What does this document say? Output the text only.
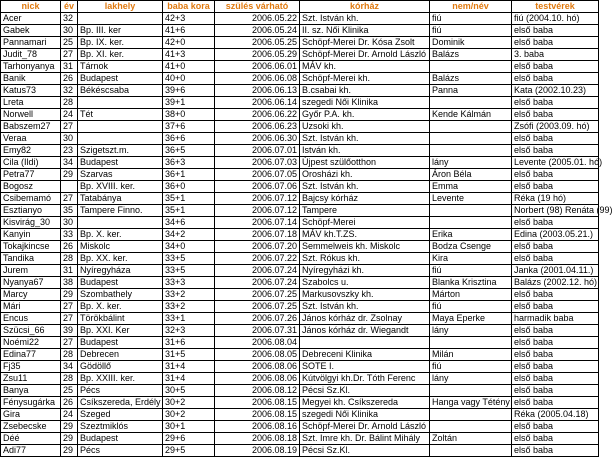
nick	év	lakhely	baba kora	szülés várható	kórház	nem/név	testvérek
Acer	32		42+3	2006.05.22	Szt. István kh.	fiú	fiú (2004.10. hó)
Gabek	30	Bp. III. ker	41+6	2006.05.24	II. sz. Női Klinika	fiú	első baba
Pannamari	25	Bp. IX. ker.	42+0	2006.05.25	Schöpf-Merei Dr. Kósa Zsolt	Dominik	első baba
Judit_78	27	Bp. XI. ker.	41+3	2006.05.29	Schöpf-Merei Dr. Arnold László	Balázs	3. baba
Tarhonyanya	31	Tárnok	41+0	2006.06.01	MÁV kh.		első baba
Banik	26	Budapest	40+0	2006.06.08	Schöpf-Merei kh.	Balázs	első baba
Katus73	32	Békéscsaba	39+6	2006.06.13	B.csabai kh.	Panna	Kata (2002.10.23)
Lreta	28		39+1	2006.06.14	szegedi Női Klinika		első baba
Norwell	24	Tét	38+0	2006.06.22	Győr P.A. kh.	Kende Kálmán	első baba
Babszem27	27		37+6	2006.06.23	Uzsoki kh.		Zsófi (2003.09. hó)
Veraa	30		36+6	2006.06.30	Szt. István kh.		első baba
Emy82	23	Szigetszt.m.	36+5	2006.07.01	István kh.		első baba
Cila (Ildi)	34	Budapest	36+3	2006.07.03	Újpest szülőotthon	lány	Levente (2005.01. hó)
Petra77	29	Szarvas	36+1	2006.07.05	Orosházi kh.	Áron Béla	első baba
Bogosz		Bp. XVIII. ker.	36+0	2006.07.06	Szt. István kh.	Emma	első baba
Csibemamó	27	Tatabánya	35+1	2006.07.12	Bajcsy kórház	Levente	Réka (19 hó)
Esztianyo	35	Tampere Finno.	35+1	2006.07.12	Tampere		Norbert (98) Renáta (99)
Kisvirág_30	30		34+6	2006.07.14	Schöpf-Merei		első baba
Kanyin	33	Bp. X. ker.	34+2	2006.07.18	MÁV kh.T.ZS.	Erika	Edina (2003.05.21.)
Tokajkincse	26	Miskolc	34+0	2006.07.20	Semmelweis kh. Miskolc	Bodza Csenge	első baba
Tandika	28	Bp. XX. ker.	33+5	2006.07.22	Szt. Rókus kh.	Kira	első baba
Jurem	31	Nyíregyháza	33+5	2006.07.24	Nyíregyházi kh.	fiú	Janka (2001.04.11.)
Nyanya67	38	Budapest	33+3	2006.07.24	Szabolcs u.	Blanka Krisztina	Balázs (2002.12. hó)
Marcy	29	Szombathely	33+2	2006.07.25	Markusovszky kh.	Márton	első baba
Mári	27	Bp. X. ker.	33+2	2006.07.25	Szt. István kh.	fiú	első baba
Encus	27	Törökbálint	33+1	2006.07.26	János kórház dr. Zsolnay	Maya Eperke	harmadik baba
Szücsi_66	39	Bp. XXI. Ker	32+3	2006.07.31	János kórház dr. Wiegandt	lány	első baba
Noémi22	27	Budapest	31+6	2006.08.04			első baba
Edina77	28	Debrecen	31+5	2006.08.05	Debreceni Klinika	Milán	első baba
Fj35	34	Gödöllő	31+4	2006.08.06	SOTE I.	fiú	első baba
Zsu11	28	Bp. XXIII. ker.	31+4	2006.08.06	Kútvölgyi kh.Dr. Tóth Ferenc	lány	első baba
Banya	25	Pécs	30+5	2006.08.12	Pécsi Sz.Kl.		első baba
Fénysugárka	26	Csíkszereda, Erdély	30+2	2006.08.15	Megyei kh. Csíkszereda	Hanga vagy Tétény	első baba
Gira	24	Szeged	30+2	2006.08.15	szegedi Női Klinika		Réka (2005.04.18)
Zsebecske	29	Szeztmiklós	30+1	2006.08.16	Schöpf-Merei Dr. Arnold László		első baba
Déé	29	Budapest	29+6	2006.08.18	Szt. Imre kh. Dr. Bálint Mihály	Zoltán	első baba
Adi77	29	Pécs	29+5	2006.08.19	Pécsi Sz.Kl.		első baba
